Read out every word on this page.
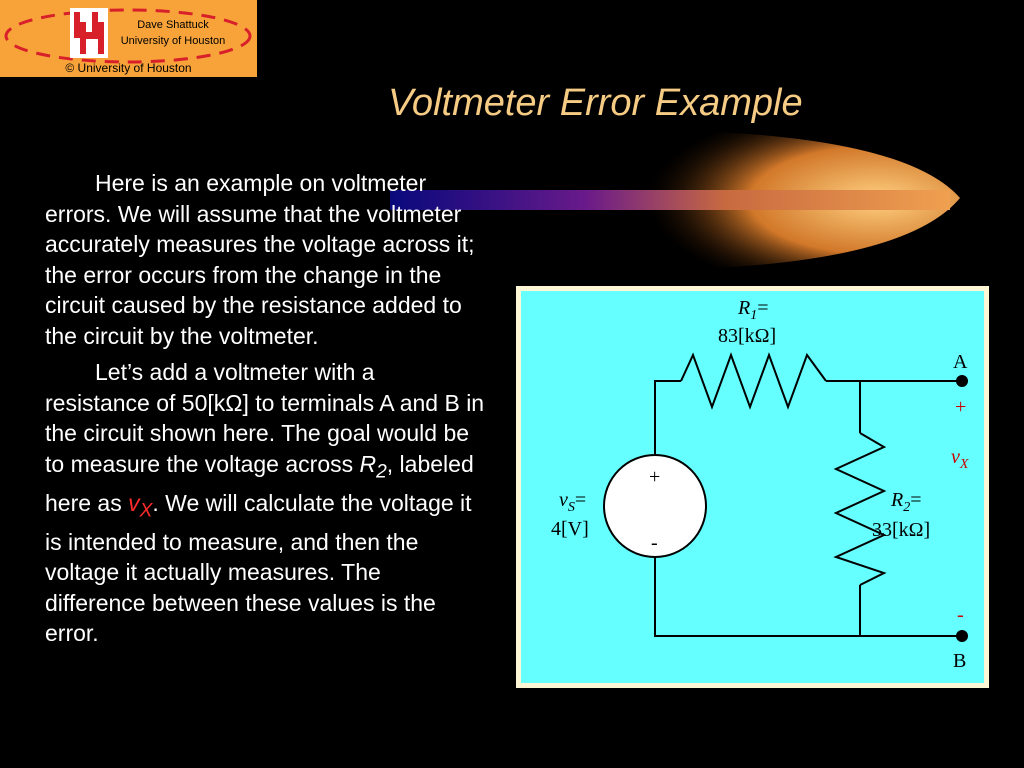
Dave Shattuck
University of Houston
© University of Houston
Voltmeter Error Example

Here is an example on voltmeter errors. We will assume that the voltmeter accurately measures the voltage across it; the error occurs from the change in the circuit caused by the resistance added to the circuit by the voltmeter.

Let’s add a voltmeter with a resistance of 50[kΩ] to terminals A and B in the circuit shown here. The goal would be to measure the voltage across $R_2$, labeled here as $v_X$. We will calculate the voltage it is intended to measure, and then the voltage it actually measures. The difference between these values is the error.

+
-
$R_1=$
83[kΩ]
$R_2=$
33[kΩ]
$v_S=$
4[V]
A
B
+
-
$v_X$
